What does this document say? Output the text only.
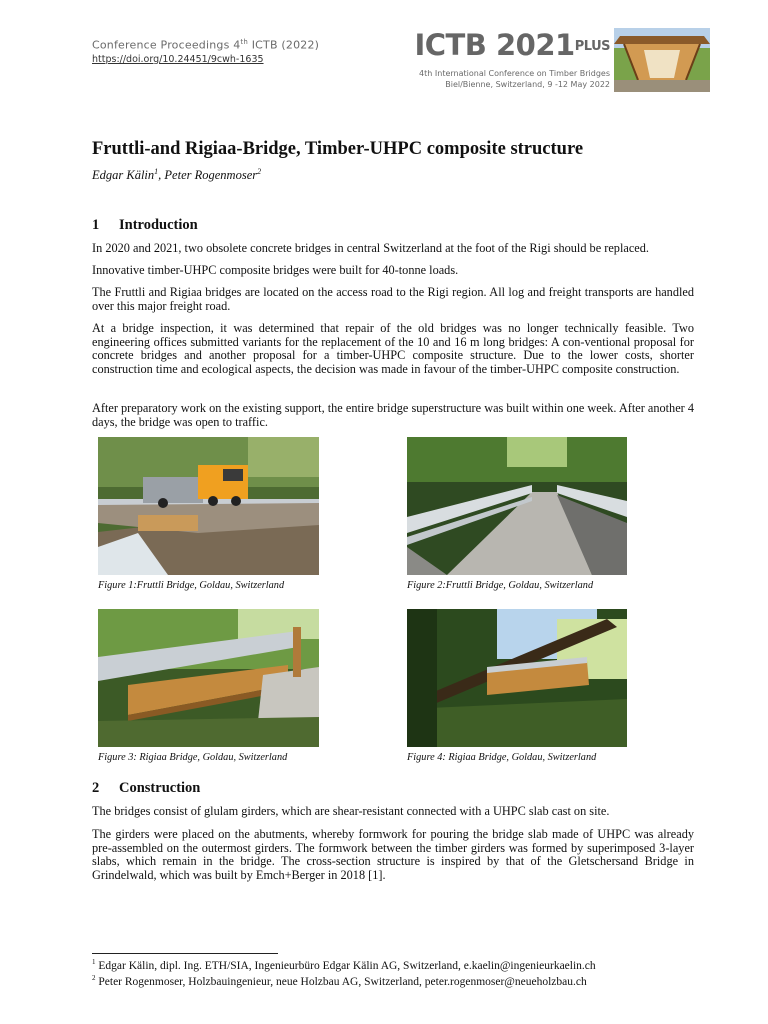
Conference Proceedings 4th ICTB (2022)
https://doi.org/10.24451/9cwh-1635	ICTB $2021^{PLUS}$
4th International Conference on Timber Bridges
Biel/Bienne, Switzerland, 9 -12 May 2022
Fruttli-and Rigiaa-Bridge, Timber-UHPC composite structure
Edgar Kälin$^1$, Peter Rogenmoser$^2$
1 Introduction
In 2020 and 2021, two obsolete concrete bridges in central Switzerland at the foot of the Rigi should be replaced.
Innovative timber-UHPC composite bridges were built for 40-tonne loads.
The Fruttli and Rigiaa bridges are located on the access road to the Rigi region. All log and freight transports are handled over this major freight road.
At a bridge inspection, it was determined that repair of the old bridges was no longer technically feasible. Two engineering offices submitted variants for the replacement of the 10 and 16 m long bridges: A con-ventional proposal for concrete bridges and another proposal for a timber-UHPC composite structure. Due to the lower costs, shorter construction time and ecological aspects, the decision was made in favour of the timber-UHPC composite construction.
After preparatory work on the existing support, the entire bridge superstructure was built within one week. After another 4 days, the bridge was open to traffic.
Figure 1:Fruttli Bridge, Goldau, Switzerland	Figure 2:Fruttli Bridge, Goldau, Switzerland
Figure 3: Rigiaa Bridge, Goldau, Switzerland	Figure 4: Rigiaa Bridge, Goldau, Switzerland
2 Construction
The bridges consist of glulam girders, which are shear-resistant connected with a UHPC slab cast on site.
The girders were placed on the abutments, whereby formwork for pouring the bridge slab made of UHPC was already pre-assembled on the outermost girders. The formwork between the timber girders was formed by superimposed 3-layer slabs, which remain in the bridge. The cross-section structure is inspired by that of the Gletschersand Bridge in Grindelwald, which was built by Emch+Berger in 2018 [1].
$^1$ Edgar Kälin, dipl. Ing. ETH/SIA, Ingenieurbüro Edgar Kälin AG, Switzerland, e.kaelin@ingenieurkaelin.ch
$^2$ Peter Rogenmoser, Holzbauingenieur, neue Holzbau AG, Switzerland, peter.rogenmoser@neueholzbau.ch
